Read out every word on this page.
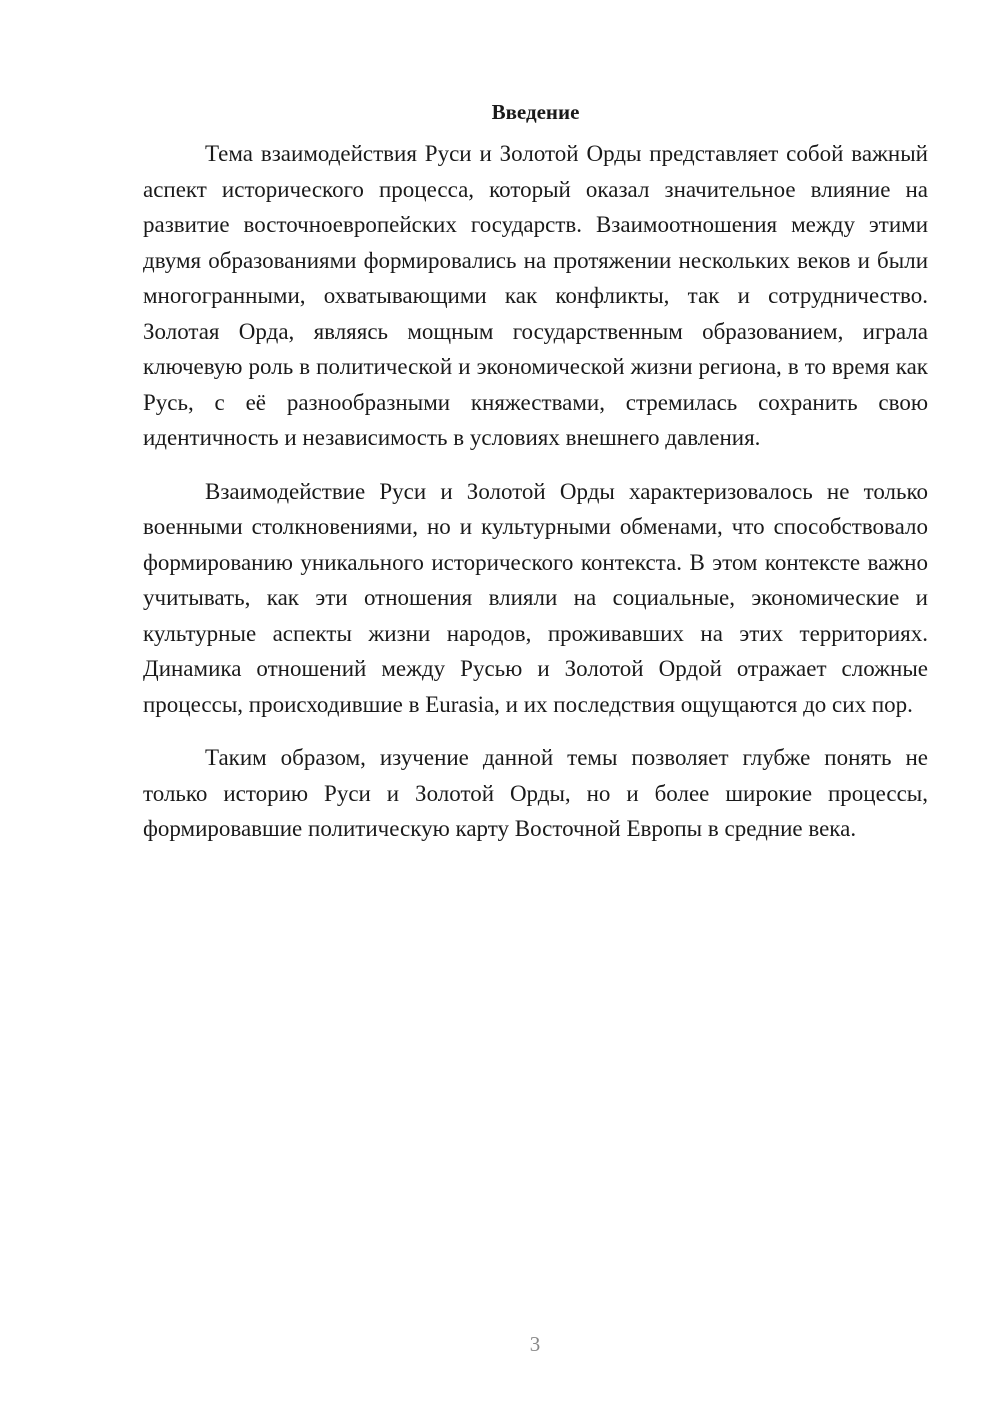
Введение

Тема взаимодействия Руси и Золотой Орды представляет собой важный аспект исторического процесса, который оказал значительное влияние на развитие восточноевропейских государств. Взаимоотношения между этими двумя образованиями формировались на протяжении нескольких веков и были многогранными, охватывающими как конфликты, так и сотрудничество. Золотая Орда, являясь мощным государственным образованием, играла ключевую роль в политической и экономической жизни региона, в то время как Русь, с её разнообразными княжествами, стремилась сохранить свою идентичность и независимость в условиях внешнего давления.

Взаимодействие Руси и Золотой Орды характеризовалось не только военными столкновениями, но и культурными обменами, что способствовало формированию уникального исторического контекста. В этом контексте важно учитывать, как эти отношения влияли на социальные, экономические и культурные аспекты жизни народов, проживавших на этих территориях. Динамика отношений между Русью и Золотой Ордой отражает сложные процессы, происходившие в Eurasia, и их последствия ощущаются до сих пор.

Таким образом, изучение данной темы позволяет глубже понять не только историю Руси и Золотой Орды, но и более широкие процессы, формировавшие политическую карту Восточной Европы в средние века.

3
